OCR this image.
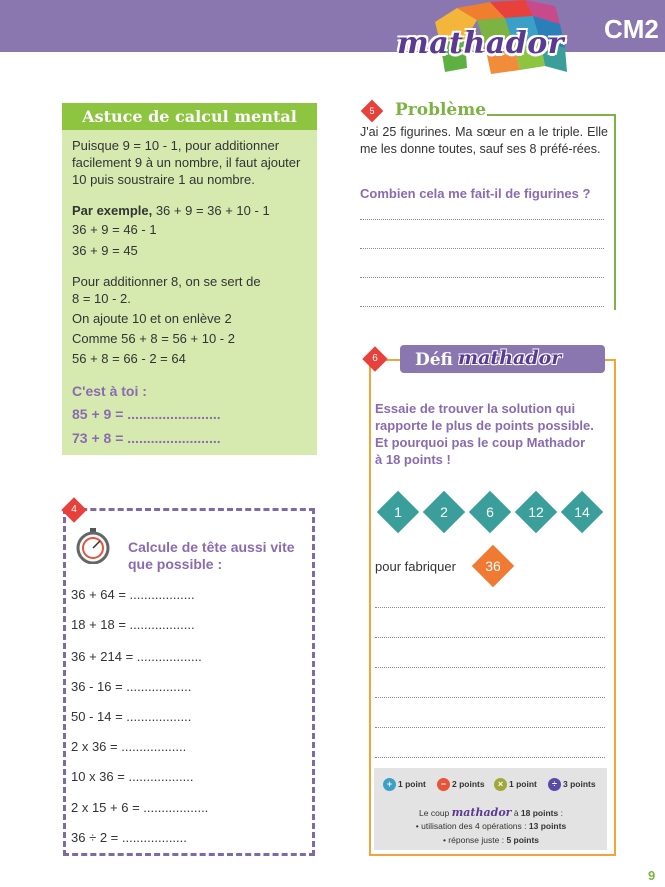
mathador CM2
Astuce de calcul mental
Puisque 9 = 10 - 1, pour additionner
facilement 9 à un nombre, il faut ajouter
10 puis soustraire 1 au nombre.
Par exemple, 36 + 9 = 36 + 10 - 1
36 + 9 = 46 - 1
36 + 9 = 45
Pour additionner 8, on se sert de
8 = 10 - 2.
On ajoute 10 et on enlève 2
Comme 56 + 8 = 56 + 10 - 2
56 + 8 = 66 - 2 = 64
C'est à toi :
85 + 9 = ........................
73 + 8 = ........................
4
Calcule de tête aussi vite
que possible :
36 + 64 = ..................
18 + 18 = ..................
36 + 214 = ..................
36 - 16 = ..................
50 - 14 = ..................
2 x 36 = ..................
10 x 36 = ..................
2 x 15 + 6 = ..................
36 ÷ 2 = ..................
5	Problème
J'ai 25 figurines. Ma sœur en a le triple. Elle me les donne toutes, sauf ses 8 préfé-rées.
Combien cela me fait-il de figurines ?
6	Défi mathador
Essaie de trouver la solution qui
rapporte le plus de points possible.
Et pourquoi pas le coup Mathador
à 18 points !
1	2	6	12	14
pour fabriquer	36
+ 1 point	− 2 points	× 1 point	÷ 3 points
Le coup mathador à 18 points :
• utilisation des 4 opérations : 13 points
• réponse juste : 5 points
9
